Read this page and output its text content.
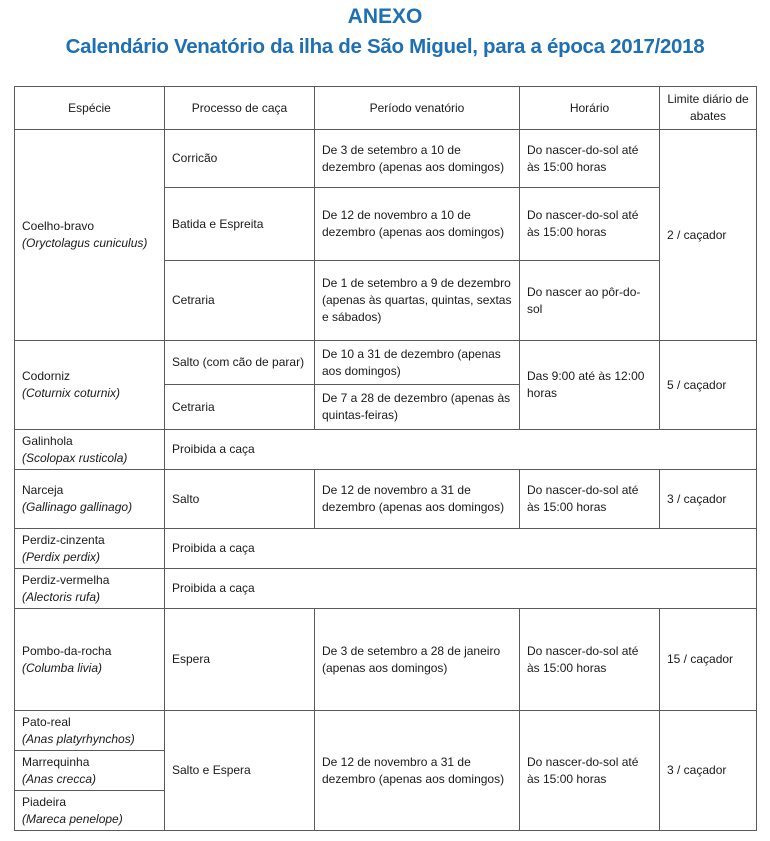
ANEXO
Calendário Venatório da ilha de São Miguel, para a época 2017/2018
Espécie	Processo de caça	Período venatório	Horário	Limite diário de abates

Coelho-bravo
(Oryctolagus cuniculus)	Corricão	De 3 de setembro a 10 de dezembro (apenas aos domingos)	Do nascer-do-sol até às 15:00 horas	2 / caçador
	Batida e Espreita	De 12 de novembro a 10 de dezembro (apenas aos domingos)	Do nascer-do-sol até às 15:00 horas	
	Cetraria	De 1 de setembro a 9 de dezembro (apenas às quartas, quintas, sextas e sábados)	Do nascer ao pôr-do-sol	

Codorniz
(Coturnix coturnix)	Salto (com cão de parar)	De 10 a 31 de dezembro (apenas aos domingos)	Das 9:00 até às 12:00 horas	5 / caçador
	Cetraria	De 7 a 28 de dezembro (apenas às quintas-feiras)		

Galinhola
(Scolopax rusticola)	Proibida a caça			

Narceja
(Gallinago gallinago)	Salto	De 12 de novembro a 31 de dezembro (apenas aos domingos)	Do nascer-do-sol até às 15:00 horas	3 / caçador

Perdiz-cinzenta
(Perdix perdix)	Proibida a caça			

Perdiz-vermelha
(Alectoris rufa)	Proibida a caça			

Pombo-da-rocha
(Columba livia)	Espera	De 3 de setembro a 28 de janeiro (apenas aos domingos)	Do nascer-do-sol até às 15:00 horas	15 / caçador

Pato-real
(Anas platyrhynchos)	Salto e Espera	De 12 de novembro a 31 de dezembro (apenas aos domingos)	Do nascer-do-sol até às 15:00 horas	3 / caçador

Marrequinha
(Anas crecca)				

Piadeira
(Mareca penelope)				
